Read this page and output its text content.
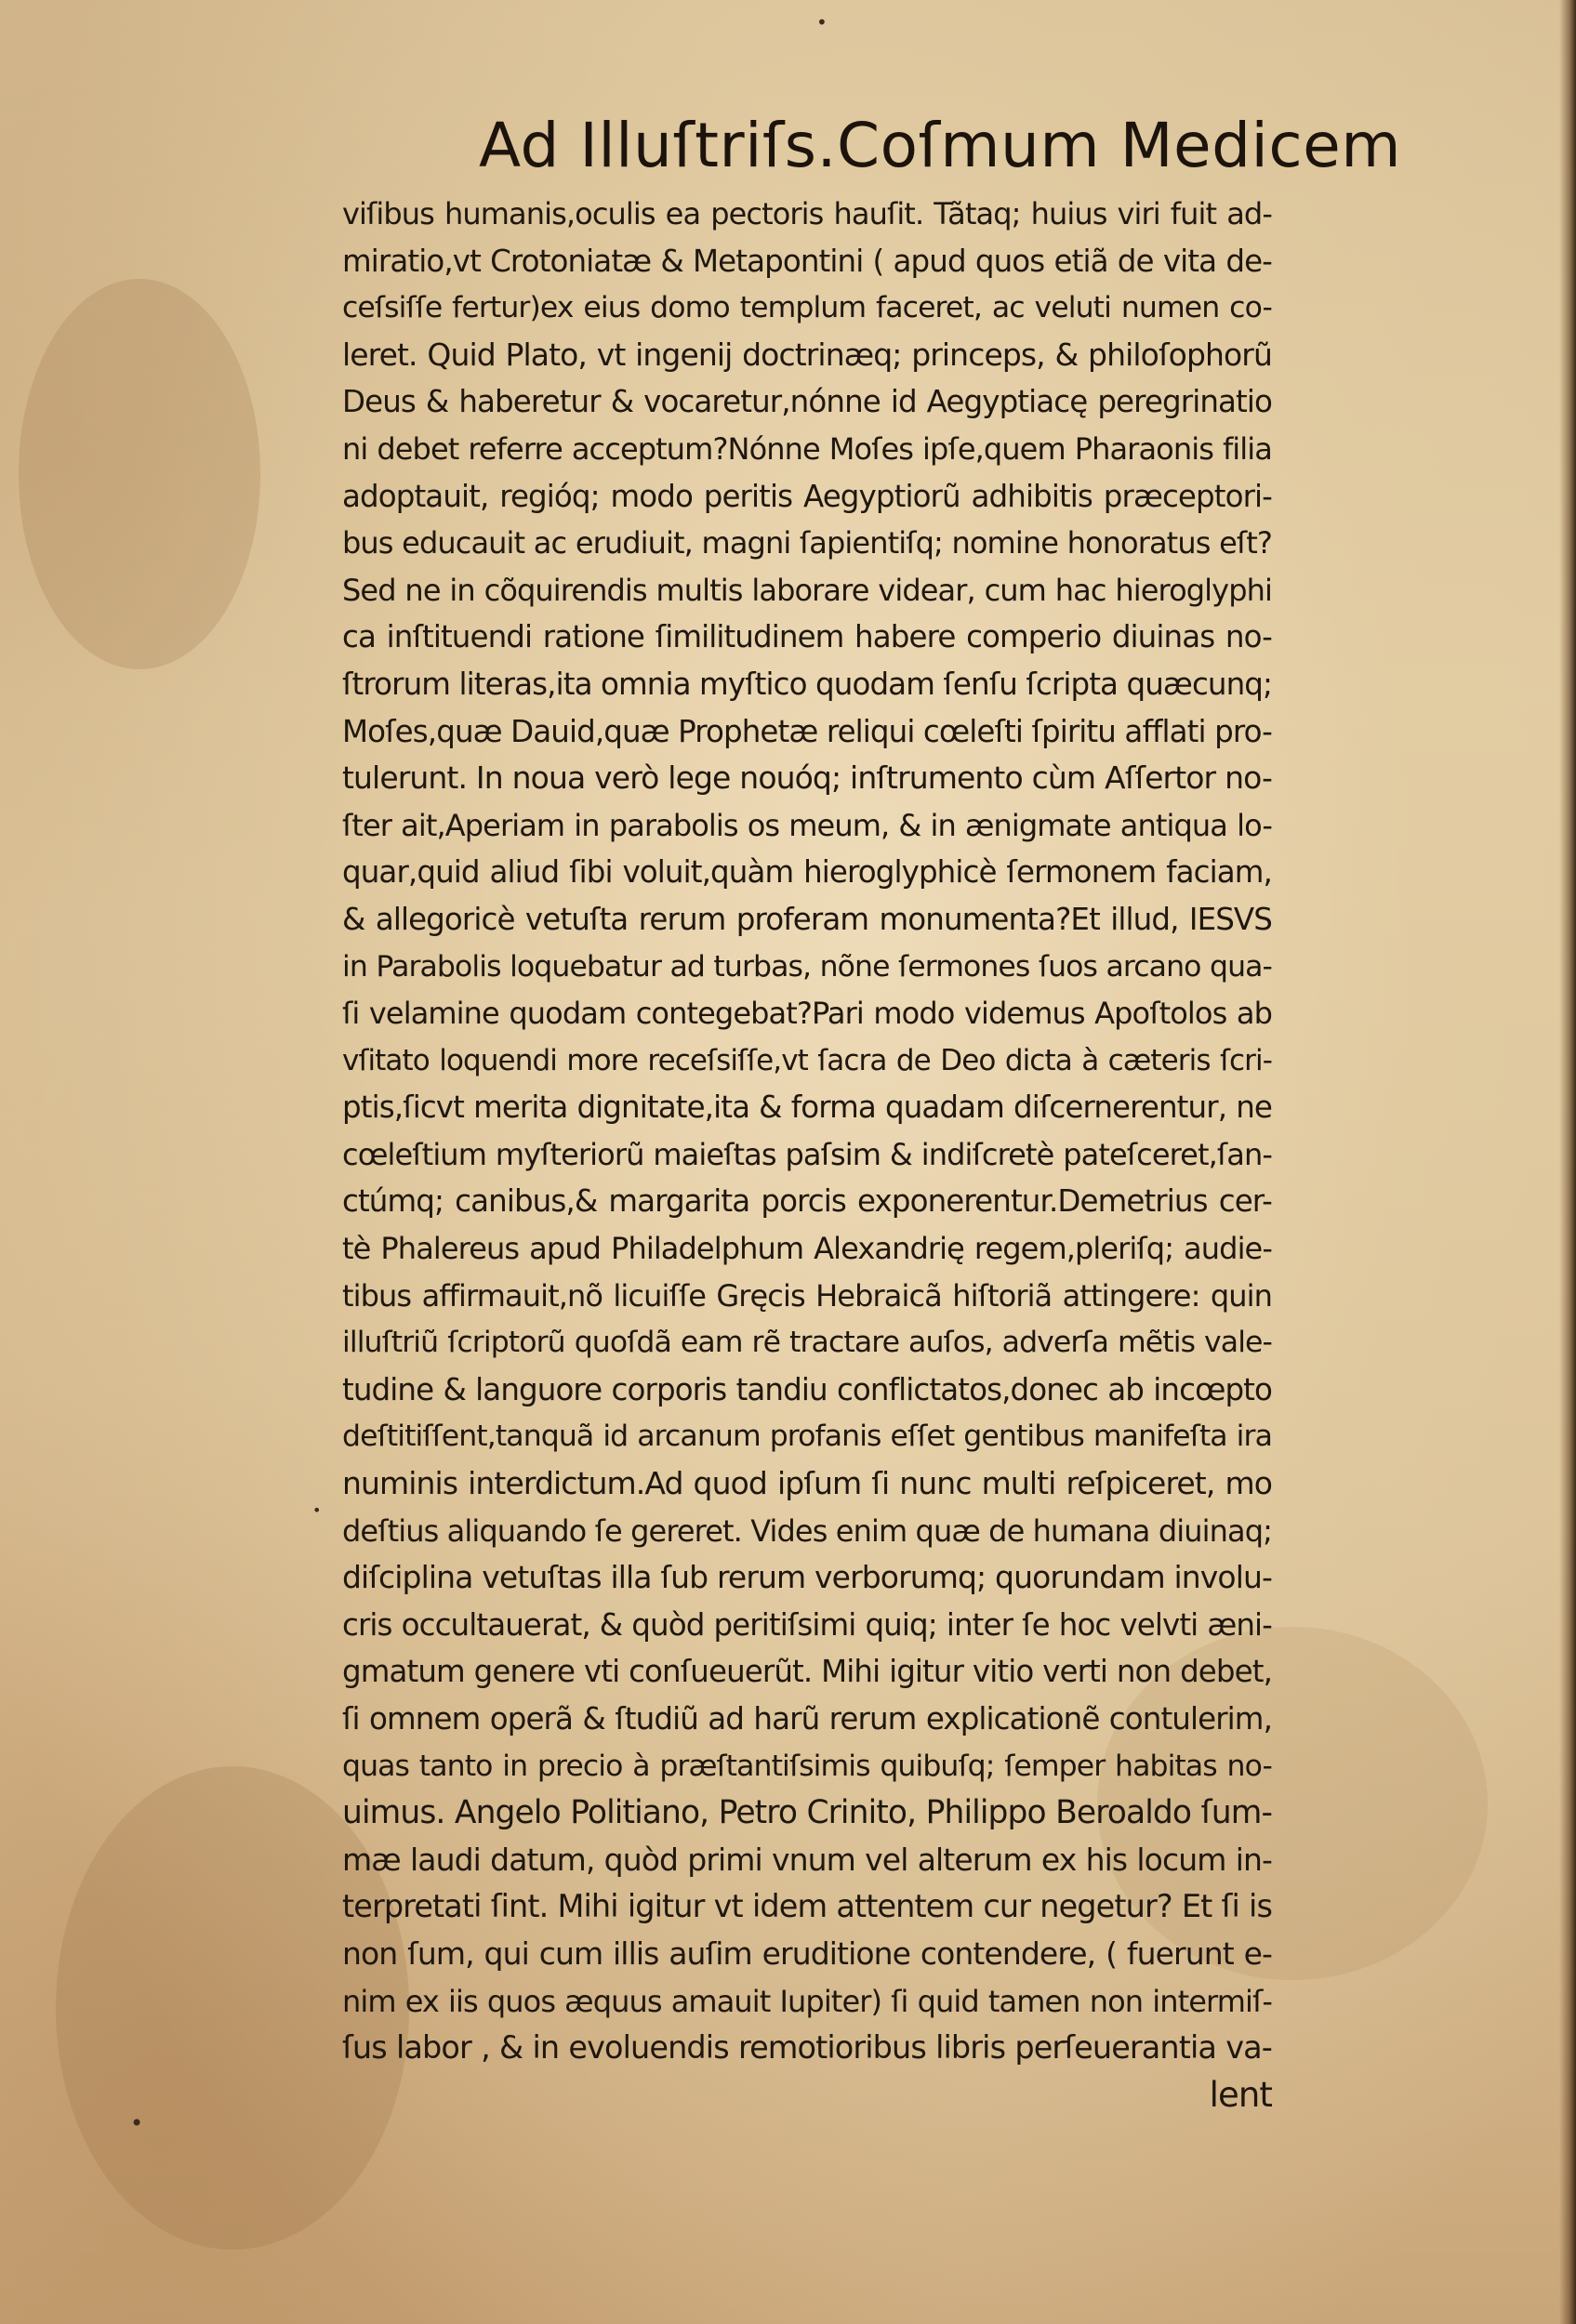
•
•
•
Ad Illuſtriſs.Coſmum Medicem
viſibus humanis,oculis ea pectoris hauſit. Tãtaq; huius viri fuit ad-
miratio,vt Crotoniatæ & Metapontini ( apud quos etiã de vita de-
ceſsiſſe fertur)ex eius domo templum faceret, ac veluti numen co-
leret. Quid Plato, vt ingenij doctrinæq; princeps, & philoſophorũ
Deus & haberetur & vocaretur,nónne id Aegyptiacę peregrinatio
ni debet referre acceptum?Nónne Moſes ipſe,quem Pharaonis filia
adoptauit, regióq; modo peritis Aegyptiorũ adhibitis præceptori-
bus educauit ac erudiuit, magni ſapientiſq; nomine honoratus eſt?
Sed ne in cõquirendis multis laborare videar, cum hac hieroglyphi
ca inſtituendi ratione ſimilitudinem habere comperio diuinas no-
ſtrorum literas,ita omnia myſtico quodam ſenſu ſcripta quæcunq;
Moſes,quæ Dauid,quæ Prophetæ reliqui cœleſti ſpiritu afflati pro-
tulerunt. In noua verò lege nouóq; inſtrumento cùm Aſſertor no-
ſter ait,Aperiam in parabolis os meum, & in ænigmate antiqua lo-
quar,quid aliud ſibi voluit,quàm hieroglyphicè ſermonem faciam,
& allegoricè vetuſta rerum proferam monumenta?Et illud, IESVS
in Parabolis loquebatur ad turbas, nõne ſermones ſuos arcano qua-
ſi velamine quodam contegebat?Pari modo videmus Apoſtolos ab
vſitato loquendi more receſsiſſe,vt ſacra de Deo dicta à cæteris ſcri-
ptis,ſicvt merita dignitate,ita & forma quadam diſcernerentur, ne
cœleſtium myſteriorũ maieſtas paſsim & indiſcretè pateſceret,ſan-
ctúmq; canibus,& margarita porcis exponerentur.Demetrius cer-
tè Phalereus apud Philadelphum Alexandrię regem,pleriſq; audie-
tibus affirmauit,nõ licuiſſe Gręcis Hebraicã hiſtoriã attingere: quin
illuſtriũ ſcriptorũ quoſdã eam rẽ tractare auſos, adverſa mẽtis vale-
tudine & languore corporis tandiu conflictatos,donec ab incœpto
deſtitiſſent,tanquã id arcanum profanis eſſet gentibus manifeſta ira
numinis interdictum.Ad quod ipſum ſi nunc multi reſpiceret, mo
deſtius aliquando ſe gereret. Vides enim quæ de humana diuinaq;
diſciplina vetuſtas illa ſub rerum verborumq; quorundam involu-
cris occultauerat, & quòd peritiſsimi quiq; inter ſe hoc velvti æni-
gmatum genere vti conſueuerũt. Mihi igitur vitio verti non debet,
ſi omnem operã & ſtudiũ ad harũ rerum explicationẽ contulerim,
quas tanto in precio à præſtantiſsimis quibuſq; ſemper habitas no-
uimus. Angelo Politiano, Petro Crinito, Philippo Beroaldo ſum-
mæ laudi datum, quòd primi vnum vel alterum ex his locum in-
terpretati ſint. Mihi igitur vt idem attentem cur negetur? Et ſi is
non ſum, qui cum illis auſim eruditione contendere, ( fuerunt e-
nim ex iis quos æquus amauit Iupiter) ſi quid tamen non intermiſ-
ſus labor , & in evoluendis remotioribus libris perſeuerantia va-
lent
